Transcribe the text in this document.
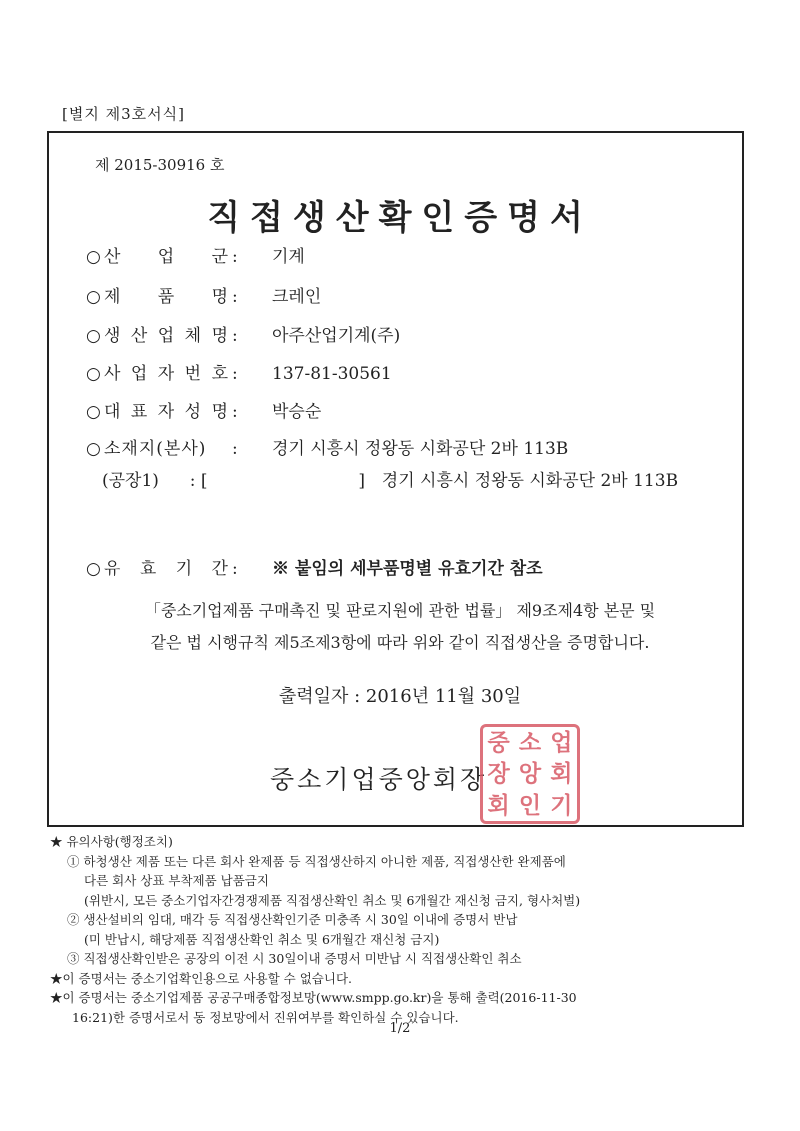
[별지 제3호서식]
제 2015-30916 호
직접생산확인증명서
○ 산 업 군 : 기계
○ 제 품 명 : 크레인
○ 생 산 업 체 명 : 아주산업기계(주)
○ 사 업 자 번 호 : 137-81-30561
○ 대 표 자 성 명 : 박승순
○ 소재지(본사) : 경기 시흥시 정왕동 시화공단 2바 113B
(공장1) : [	] 경기 시흥시 정왕동 시화공단 2바 113B
○ 유 효 기 간 : ※ 붙임의 세부품명별 유효기간 참조
「중소기업제품 구매촉진 및 판로지원에 관한 법률」 제9조제4항 본문 및
같은 법 시행규칙 제5조제3항에 따라 위와 같이 직접생산을 증명합니다.
출력일자 : 2016년 11월 30일
중소기업중앙회장
중 소 업
장 앙 회
회 인 기
★ 유의사항(행정조치)
① 하청생산 제품 또는 다른 회사 완제품 등 직접생산하지 아니한 제품, 직접생산한 완제품에
다른 회사 상표 부착제품 납품금지
(위반시, 모든 중소기업자간경쟁제품 직접생산확인 취소 및 6개월간 재신청 금지, 형사처벌)
② 생산설비의 임대, 매각 등 직접생산확인기준 미충족 시 30일 이내에 증명서 반납
(미 반납시, 해당제품 직접생산확인 취소 및 6개월간 재신청 금지)
③ 직접생산확인받은 공장의 이전 시 30일이내 증명서 미반납 시 직접생산확인 취소
★이 증명서는 중소기업확인용으로 사용할 수 없습니다.
★이 증명서는 중소기업제품 공공구매종합정보망(www.smpp.go.kr)을 통해 출력(2016-11-30
16:21)한 증명서로서 동 정보망에서 진위여부를 확인하실 수 있습니다.
1/2
